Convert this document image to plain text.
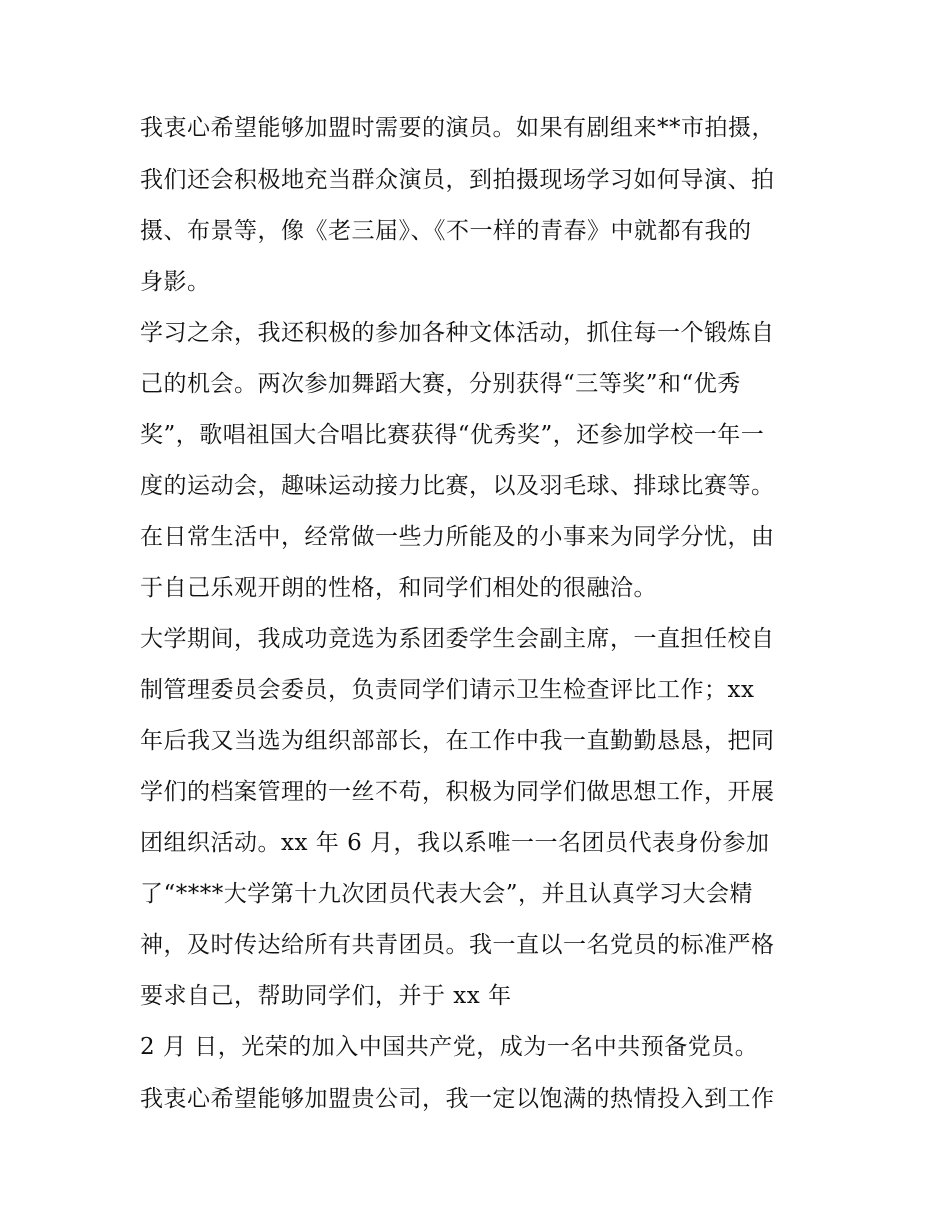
我衷心希望能够加盟时需要的演员。如果有剧组来**市拍摄，

我们还会积极地充当群众演员，到拍摄现场学习如何导演、拍

摄、布景等，像《老三届》、《不一样的青春》中就都有我的

身影。

学习之余，我还积极的参加各种文体活动，抓住每一个锻炼自

己的机会。两次参加舞蹈大赛，分别获得“三等奖”和“优秀

奖”，歌唱祖国大合唱比赛获得“优秀奖”，还参加学校一年一

度的运动会，趣味运动接力比赛，以及羽毛球、排球比赛等。

在日常生活中，经常做一些力所能及的小事来为同学分忧，由

于自己乐观开朗的性格，和同学们相处的很融洽。

大学期间，我成功竞选为系团委学生会副主席，一直担任校自

制管理委员会委员，负责同学们请示卫生检查评比工作；xx

年后我又当选为组织部部长，在工作中我一直勤勤恳恳，把同

学们的档案管理的一丝不苟，积极为同学们做思想工作，开展

团组织活动。xx 年 6 月，我以系唯一一名团员代表身份参加

了“****大学第十九次团员代表大会”，并且认真学习大会精

神，及时传达给所有共青团员。我一直以一名党员的标准严格

要求自己，帮助同学们，并于 xx 年

2 月 日，光荣的加入中国共产党，成为一名中共预备党员。

我衷心希望能够加盟贵公司，我一定以饱满的热情投入到工作
